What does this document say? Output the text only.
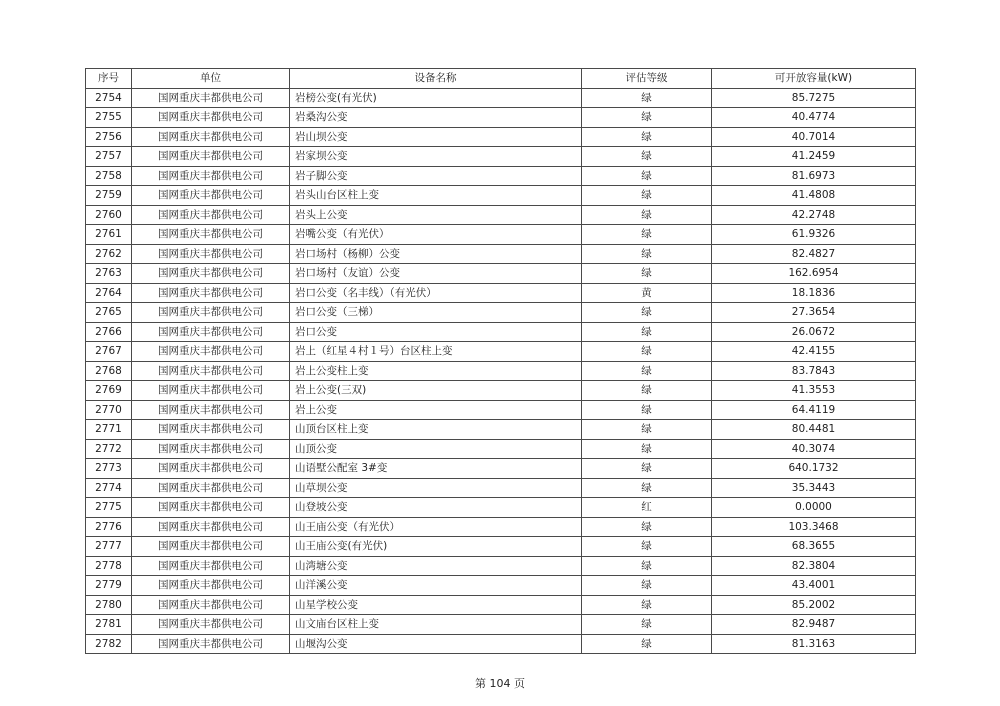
序号	单位	设备名称	评估等级	可开放容量(kW)
2754	国网重庆丰都供电公司	岩榜公变(有光伏)	绿	85.7275
2755	国网重庆丰都供电公司	岩桑沟公变	绿	40.4774
2756	国网重庆丰都供电公司	岩山坝公变	绿	40.7014
2757	国网重庆丰都供电公司	岩家坝公变	绿	41.2459
2758	国网重庆丰都供电公司	岩子脚公变	绿	81.6973
2759	国网重庆丰都供电公司	岩头山台区柱上变	绿	41.4808
2760	国网重庆丰都供电公司	岩头上公变	绿	42.2748
2761	国网重庆丰都供电公司	岩嘴公变（有光伏）	绿	61.9326
2762	国网重庆丰都供电公司	岩口场村（杨柳）公变	绿	82.4827
2763	国网重庆丰都供电公司	岩口场村（友谊）公变	绿	162.6954
2764	国网重庆丰都供电公司	岩口公变（名丰线）（有光伏）	黄	18.1836
2765	国网重庆丰都供电公司	岩口公变（三梯）	绿	27.3654
2766	国网重庆丰都供电公司	岩口公变	绿	26.0672
2767	国网重庆丰都供电公司	岩上（红星４村１号）台区柱上变	绿	42.4155
2768	国网重庆丰都供电公司	岩上公变柱上变	绿	83.7843
2769	国网重庆丰都供电公司	岩上公变(三双)	绿	41.3553
2770	国网重庆丰都供电公司	岩上公变	绿	64.4119
2771	国网重庆丰都供电公司	山顶台区柱上变	绿	80.4481
2772	国网重庆丰都供电公司	山顶公变	绿	40.3074
2773	国网重庆丰都供电公司	山语墅公配室 3#变	绿	640.1732
2774	国网重庆丰都供电公司	山草坝公变	绿	35.3443
2775	国网重庆丰都供电公司	山登坡公变	红	0.0000
2776	国网重庆丰都供电公司	山王庙公变（有光伏）	绿	103.3468
2777	国网重庆丰都供电公司	山王庙公变(有光伏)	绿	68.3655
2778	国网重庆丰都供电公司	山湾塘公变	绿	82.3804
2779	国网重庆丰都供电公司	山洋溪公变	绿	43.4001
2780	国网重庆丰都供电公司	山星学校公变	绿	85.2002
2781	国网重庆丰都供电公司	山文庙台区柱上变	绿	82.9487
2782	国网重庆丰都供电公司	山堰沟公变	绿	81.3163
第 104 页
